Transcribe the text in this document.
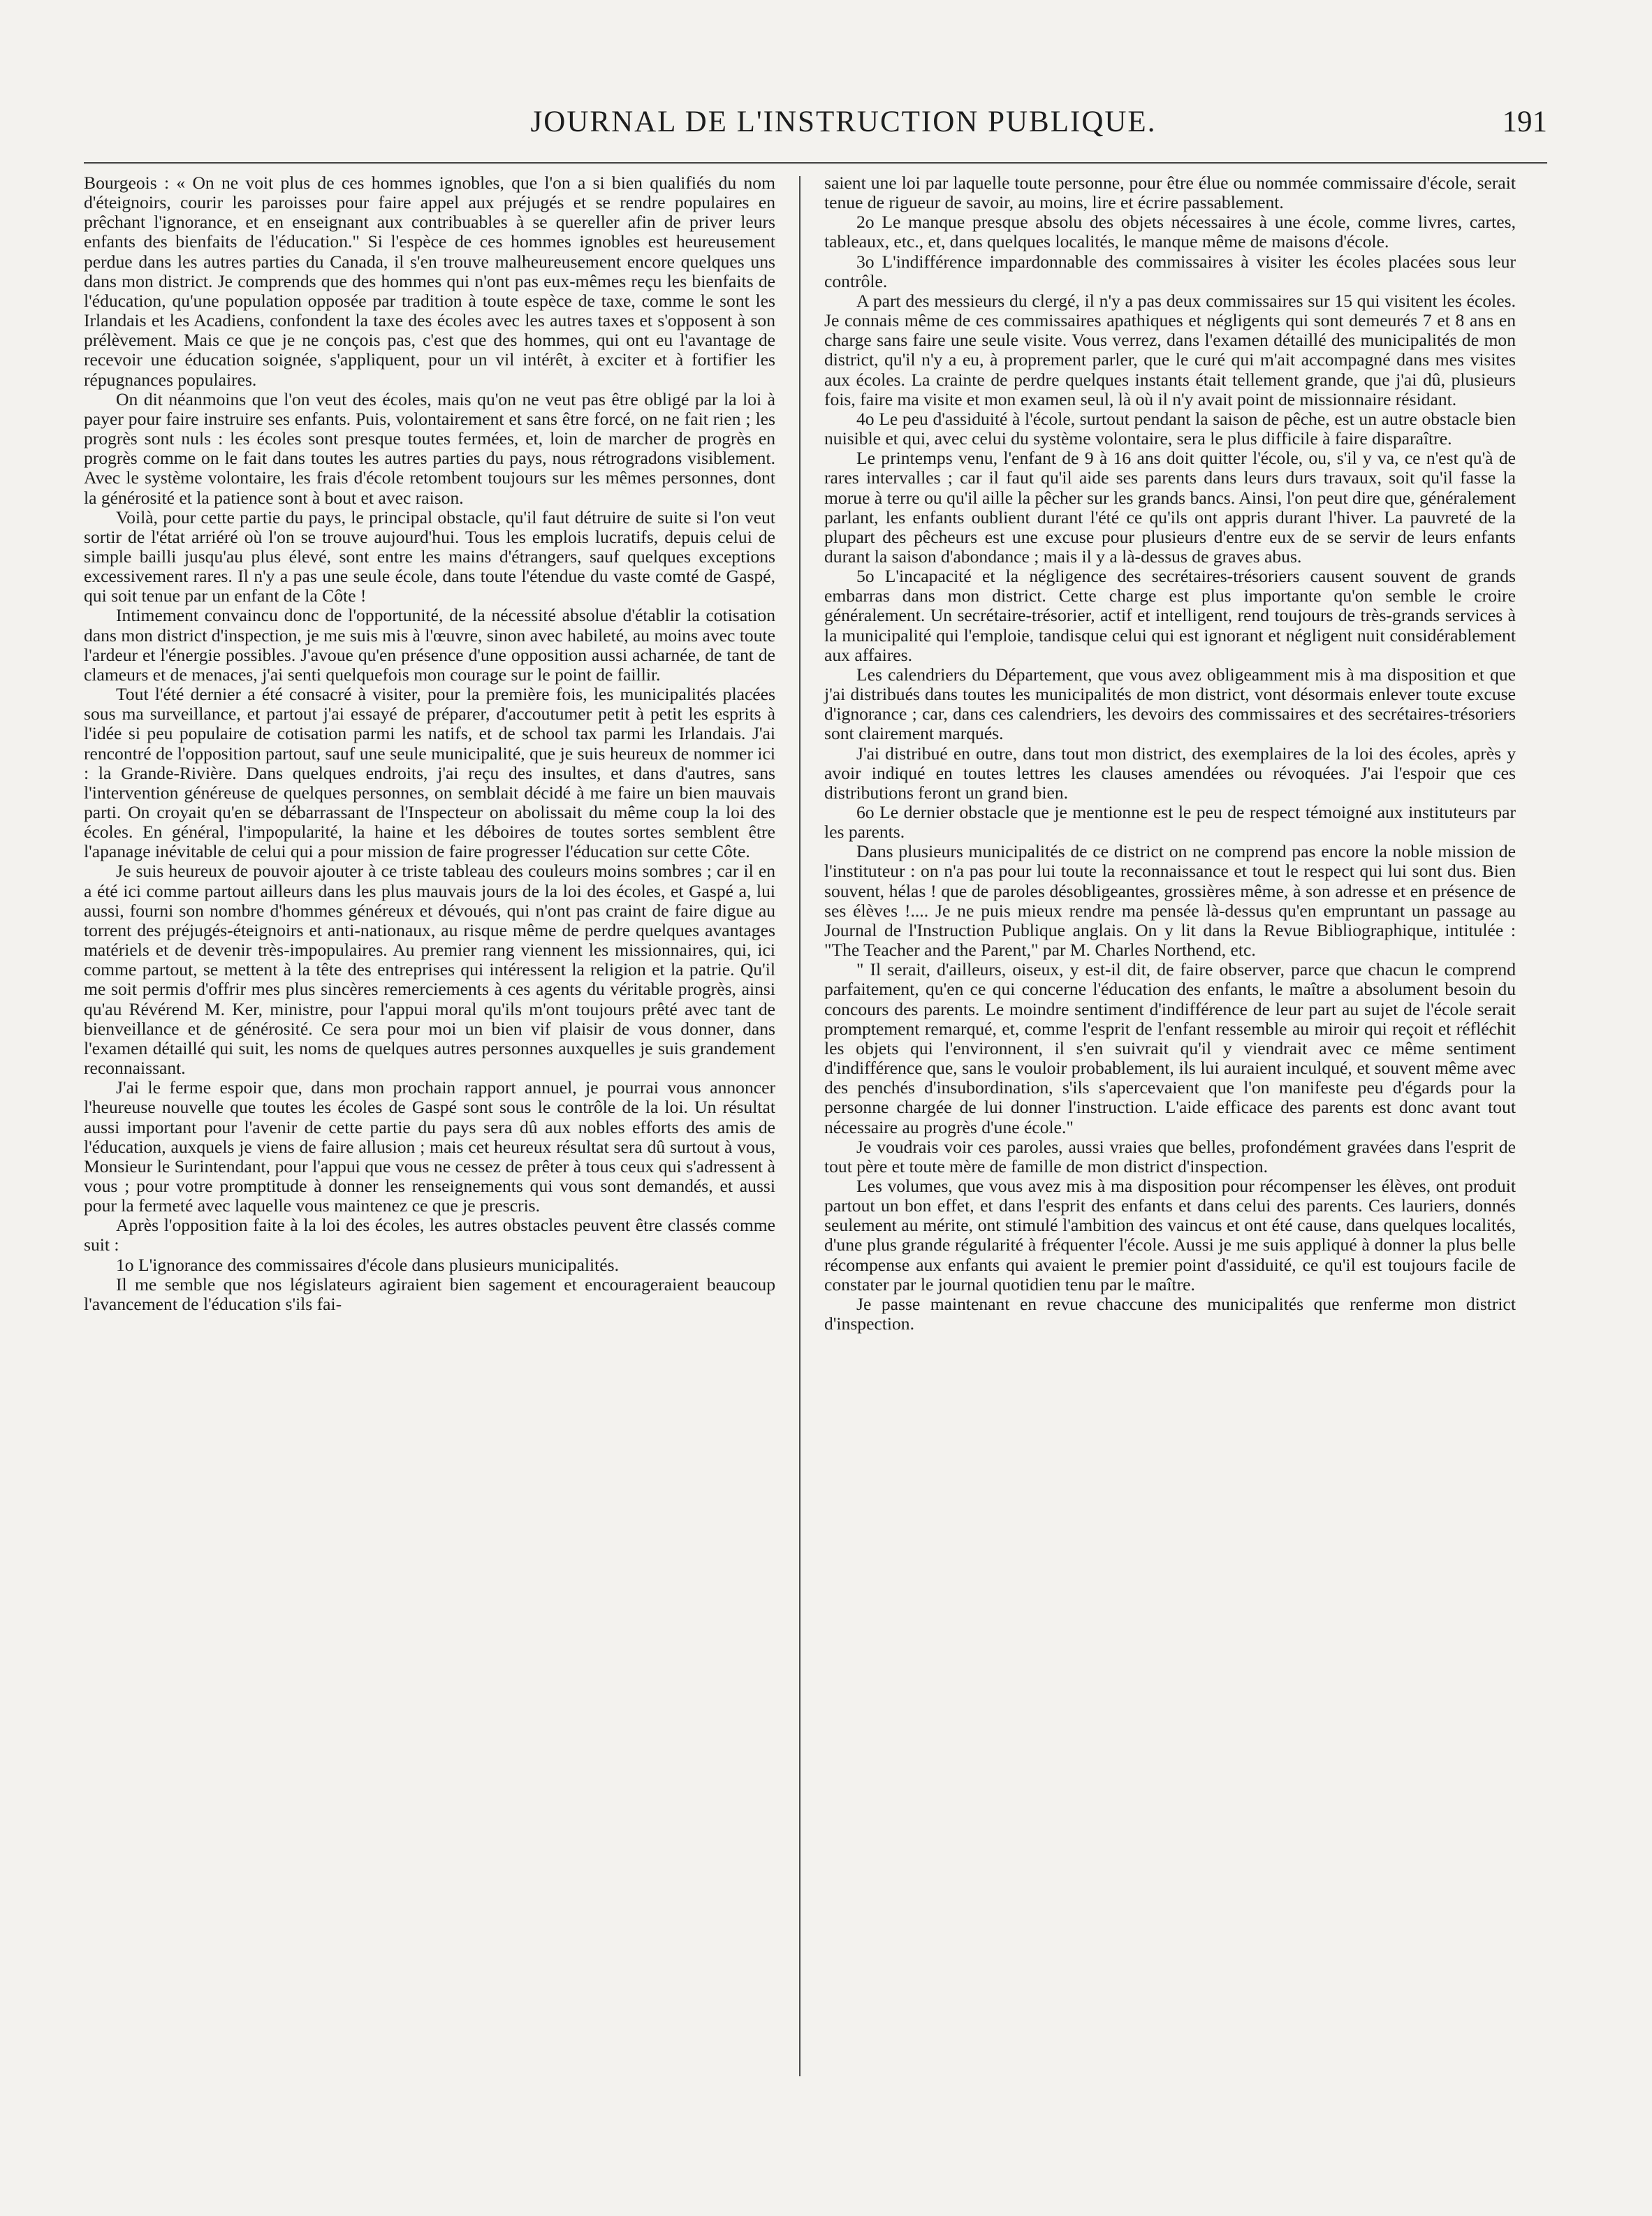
JOURNAL DE L'INSTRUCTION PUBLIQUE.	191

Bourgeois : « On ne voit plus de ces hommes ignobles, que l'on a si bien qualifiés du nom d'éteignoirs, courir les paroisses pour faire appel aux préjugés et se rendre populaires en prêchant l'ignorance, et en enseignant aux contribuables à se quereller afin de priver leurs enfants des bienfaits de l'éducation." Si l'espèce de ces hommes ignobles est heureusement perdue dans les autres parties du Canada, il s'en trouve malheureusement encore quelques uns dans mon district. Je comprends que des hommes qui n'ont pas eux-mêmes reçu les bienfaits de l'éducation, qu'une population opposée par tradition à toute espèce de taxe, comme le sont les Irlandais et les Acadiens, confondent la taxe des écoles avec les autres taxes et s'opposent à son prélèvement. Mais ce que je ne conçois pas, c'est que des hommes, qui ont eu l'avantage de recevoir une éducation soignée, s'appliquent, pour un vil intérêt, à exciter et à fortifier les répugnances populaires.

On dit néanmoins que l'on veut des écoles, mais qu'on ne veut pas être obligé par la loi à payer pour faire instruire ses enfants. Puis, volontairement et sans être forcé, on ne fait rien ; les progrès sont nuls : les écoles sont presque toutes fermées, et, loin de marcher de progrès en progrès comme on le fait dans toutes les autres parties du pays, nous rétrogradons visiblement. Avec le système volontaire, les frais d'école retombent toujours sur les mêmes personnes, dont la générosité et la patience sont à bout et avec raison.

Voilà, pour cette partie du pays, le principal obstacle, qu'il faut détruire de suite si l'on veut sortir de l'état arriéré où l'on se trouve aujourd'hui. Tous les emplois lucratifs, depuis celui de simple bailli jusqu'au plus élevé, sont entre les mains d'étrangers, sauf quelques exceptions excessivement rares. Il n'y a pas une seule école, dans toute l'étendue du vaste comté de Gaspé, qui soit tenue par un enfant de la Côte !

Intimement convaincu donc de l'opportunité, de la nécessité absolue d'établir la cotisation dans mon district d'inspection, je me suis mis à l'œuvre, sinon avec habileté, au moins avec toute l'ardeur et l'énergie possibles. J'avoue qu'en présence d'une opposition aussi acharnée, de tant de clameurs et de menaces, j'ai senti quelquefois mon courage sur le point de faillir.

Tout l'été dernier a été consacré à visiter, pour la première fois, les municipalités placées sous ma surveillance, et partout j'ai essayé de préparer, d'accoutumer petit à petit les esprits à l'idée si peu populaire de cotisation parmi les natifs, et de school tax parmi les Irlandais. J'ai rencontré de l'opposition partout, sauf une seule municipalité, que je suis heureux de nommer ici : la Grande-Rivière. Dans quelques endroits, j'ai reçu des insultes, et dans d'autres, sans l'intervention généreuse de quelques personnes, on semblait décidé à me faire un bien mauvais parti. On croyait qu'en se débarrassant de l'Inspecteur on abolissait du même coup la loi des écoles. En général, l'impopularité, la haine et les déboires de toutes sortes semblent être l'apanage inévitable de celui qui a pour mission de faire progresser l'éducation sur cette Côte.

Je suis heureux de pouvoir ajouter à ce triste tableau des couleurs moins sombres ; car il en a été ici comme partout ailleurs dans les plus mauvais jours de la loi des écoles, et Gaspé a, lui aussi, fourni son nombre d'hommes généreux et dévoués, qui n'ont pas craint de faire digue au torrent des préjugés-éteignoirs et anti-nationaux, au risque même de perdre quelques avantages matériels et de devenir très-impopulaires. Au premier rang viennent les missionnaires, qui, ici comme partout, se mettent à la tête des entreprises qui intéressent la religion et la patrie. Qu'il me soit permis d'offrir mes plus sincères remerciements à ces agents du véritable progrès, ainsi qu'au Révérend M. Ker, ministre, pour l'appui moral qu'ils m'ont toujours prêté avec tant de bienveillance et de générosité. Ce sera pour moi un bien vif plaisir de vous donner, dans l'examen détaillé qui suit, les noms de quelques autres personnes auxquelles je suis grandement reconnaissant.

J'ai le ferme espoir que, dans mon prochain rapport annuel, je pourrai vous annoncer l'heureuse nouvelle que toutes les écoles de Gaspé sont sous le contrôle de la loi. Un résultat aussi important pour l'avenir de cette partie du pays sera dû aux nobles efforts des amis de l'éducation, auxquels je viens de faire allusion ; mais cet heureux résultat sera dû surtout à vous, Monsieur le Surintendant, pour l'appui que vous ne cessez de prêter à tous ceux qui s'adressent à vous ; pour votre promptitude à donner les renseignements qui vous sont demandés, et aussi pour la fermeté avec laquelle vous maintenez ce que je prescris.

Après l'opposition faite à la loi des écoles, les autres obstacles peuvent être classés comme suit :

1o L'ignorance des commissaires d'école dans plusieurs municipalités.

Il me semble que nos législateurs agiraient bien sagement et encourageraient beaucoup l'avancement de l'éducation s'ils fai-

saient une loi par laquelle toute personne, pour être élue ou nommée commissaire d'école, serait tenue de rigueur de savoir, au moins, lire et écrire passablement.

2o Le manque presque absolu des objets nécessaires à une école, comme livres, cartes, tableaux, etc., et, dans quelques localités, le manque même de maisons d'école.

3o L'indifférence impardonnable des commissaires à visiter les écoles placées sous leur contrôle.

A part des messieurs du clergé, il n'y a pas deux commissaires sur 15 qui visitent les écoles. Je connais même de ces commissaires apathiques et négligents qui sont demeurés 7 et 8 ans en charge sans faire une seule visite. Vous verrez, dans l'examen détaillé des municipalités de mon district, qu'il n'y a eu, à proprement parler, que le curé qui m'ait accompagné dans mes visites aux écoles. La crainte de perdre quelques instants était tellement grande, que j'ai dû, plusieurs fois, faire ma visite et mon examen seul, là où il n'y avait point de missionnaire résidant.

4o Le peu d'assiduité à l'école, surtout pendant la saison de pêche, est un autre obstacle bien nuisible et qui, avec celui du système volontaire, sera le plus difficile à faire disparaître.

Le printemps venu, l'enfant de 9 à 16 ans doit quitter l'école, ou, s'il y va, ce n'est qu'à de rares intervalles ; car il faut qu'il aide ses parents dans leurs durs travaux, soit qu'il fasse la morue à terre ou qu'il aille la pêcher sur les grands bancs. Ainsi, l'on peut dire que, généralement parlant, les enfants oublient durant l'été ce qu'ils ont appris durant l'hiver. La pauvreté de la plupart des pêcheurs est une excuse pour plusieurs d'entre eux de se servir de leurs enfants durant la saison d'abondance ; mais il y a là-dessus de graves abus.

5o L'incapacité et la négligence des secrétaires-trésoriers causent souvent de grands embarras dans mon district. Cette charge est plus importante qu'on semble le croire généralement. Un secrétaire-trésorier, actif et intelligent, rend toujours de très-grands services à la municipalité qui l'emploie, tandisque celui qui est ignorant et négligent nuit considérablement aux affaires.

Les calendriers du Département, que vous avez obligeamment mis à ma disposition et que j'ai distribués dans toutes les municipalités de mon district, vont désormais enlever toute excuse d'ignorance ; car, dans ces calendriers, les devoirs des commissaires et des secrétaires-trésoriers sont clairement marqués.

J'ai distribué en outre, dans tout mon district, des exemplaires de la loi des écoles, après y avoir indiqué en toutes lettres les clauses amendées ou révoquées. J'ai l'espoir que ces distributions feront un grand bien.

6o Le dernier obstacle que je mentionne est le peu de respect témoigné aux instituteurs par les parents.

Dans plusieurs municipalités de ce district on ne comprend pas encore la noble mission de l'instituteur : on n'a pas pour lui toute la reconnaissance et tout le respect qui lui sont dus. Bien souvent, hélas ! que de paroles désobligeantes, grossières même, à son adresse et en présence de ses élèves !.... Je ne puis mieux rendre ma pensée là-dessus qu'en empruntant un passage au Journal de l'Instruction Publique anglais. On y lit dans la Revue Bibliographique, intitulée : "The Teacher and the Parent," par M. Charles Northend, etc.

" Il serait, d'ailleurs, oiseux, y est-il dit, de faire observer, parce que chacun le comprend parfaitement, qu'en ce qui concerne l'éducation des enfants, le maître a absolument besoin du concours des parents. Le moindre sentiment d'indifférence de leur part au sujet de l'école serait promptement remarqué, et, comme l'esprit de l'enfant ressemble au miroir qui reçoit et réfléchit les objets qui l'environnent, il s'en suivrait qu'il y viendrait avec ce même sentiment d'indifférence que, sans le vouloir probablement, ils lui auraient inculqué, et souvent même avec des penchés d'insubordination, s'ils s'apercevaient que l'on manifeste peu d'égards pour la personne chargée de lui donner l'instruction. L'aide efficace des parents est donc avant tout nécessaire au progrès d'une école."

Je voudrais voir ces paroles, aussi vraies que belles, profondément gravées dans l'esprit de tout père et toute mère de famille de mon district d'inspection.

Les volumes, que vous avez mis à ma disposition pour récompenser les élèves, ont produit partout un bon effet, et dans l'esprit des enfants et dans celui des parents. Ces lauriers, donnés seulement au mérite, ont stimulé l'ambition des vaincus et ont été cause, dans quelques localités, d'une plus grande régularité à fréquenter l'école. Aussi je me suis appliqué à donner la plus belle récompense aux enfants qui avaient le premier point d'assiduité, ce qu'il est toujours facile de constater par le journal quotidien tenu par le maître.

Je passe maintenant en revue chaccune des municipalités que renferme mon district d'inspection.
